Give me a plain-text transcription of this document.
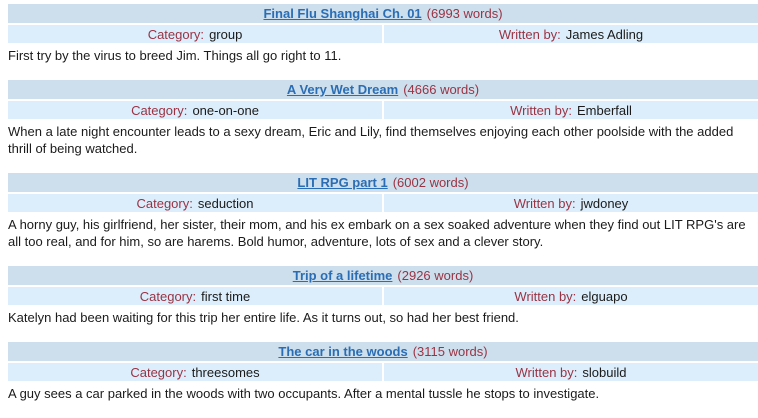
Final Flu Shanghai Ch. 01 (6993 words)
Category: group	Written by: James Adling

First try by the virus to breed Jim. Things all go right to 11.

A Very Wet Dream (4666 words)
Category: one-on-one	Written by: Emberfall

When a late night encounter leads to a sexy dream, Eric and Lily, find themselves enjoying each other poolside with the added thrill of being watched.

LIT RPG part 1 (6002 words)
Category: seduction	Written by: jwdoney

A horny guy, his girlfriend, her sister, their mom, and his ex embark on a sex soaked adventure when they find out LIT RPG's are all too real, and for him, so are harems. Bold humor, adventure, lots of sex and a clever story.

Trip of a lifetime (2926 words)
Category: first time	Written by: elguapo

Katelyn had been waiting for this trip her entire life. As it turns out, so had her best friend.

The car in the woods (3115 words)
Category: threesomes	Written by: slobuild

A guy sees a car parked in the woods with two occupants. After a mental tussle he stops to investigate.
